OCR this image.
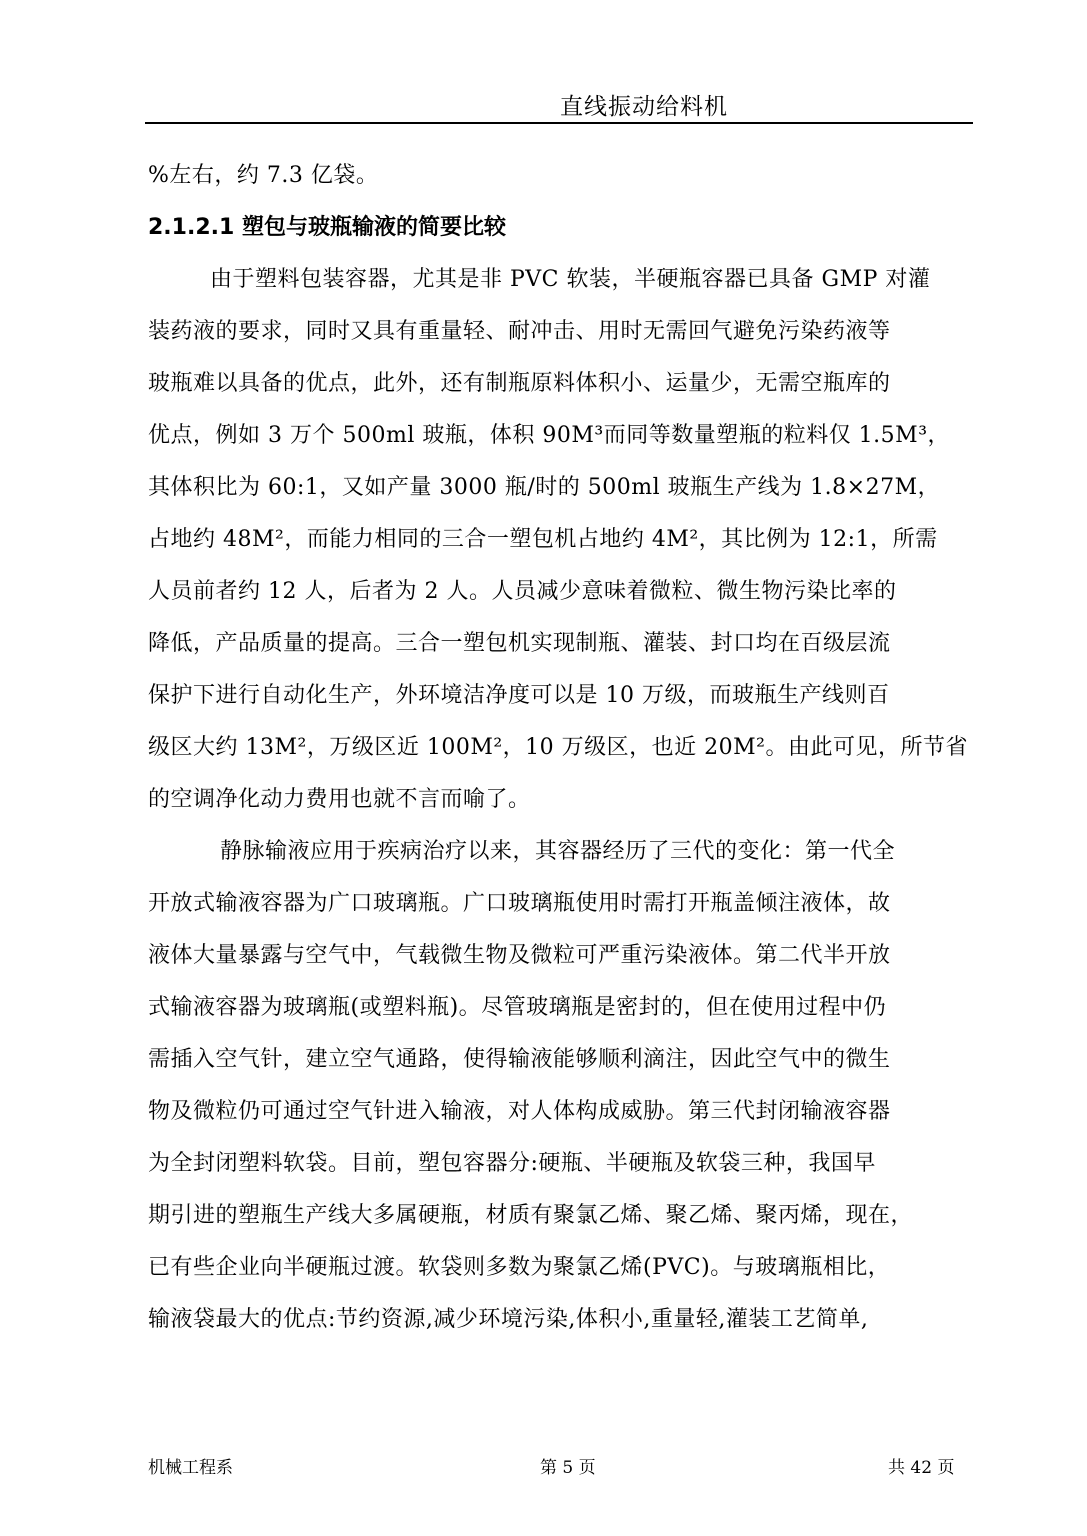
直线振动给料机
%左右，约 7.3 亿袋。
2.1.2.1 塑包与玻瓶输液的简要比较
由于塑料包装容器，尤其是非 PVC 软装，半硬瓶容器已具备 GMP 对灌
装药液的要求，同时又具有重量轻、耐冲击、用时无需回气避免污染药液等
玻瓶难以具备的优点，此外，还有制瓶原料体积小、运量少，无需空瓶库的
优点，例如 3 万个 500ml 玻瓶，体积 90M³而同等数量塑瓶的粒料仅 1.5M³，
其体积比为 60:1，又如产量 3000 瓶/时的 500ml 玻瓶生产线为 1.8×27M，
占地约 48M²，而能力相同的三合一塑包机占地约 4M²，其比例为 12:1，所需
人员前者约 12 人，后者为 2 人。人员减少意味着微粒、微生物污染比率的
降低，产品质量的提高。三合一塑包机实现制瓶、灌装、封口均在百级层流
保护下进行自动化生产，外环境洁净度可以是 10 万级，而玻瓶生产线则百
级区大约 13M²，万级区近 100M²，10 万级区，也近 20M²。由此可见，所节省
的空调净化动力费用也就不言而喻了。
静脉输液应用于疾病治疗以来，其容器经历了三代的变化：第一代全
开放式输液容器为广口玻璃瓶。广口玻璃瓶使用时需打开瓶盖倾注液体，故
液体大量暴露与空气中，气载微生物及微粒可严重污染液体。第二代半开放
式输液容器为玻璃瓶(或塑料瓶)。尽管玻璃瓶是密封的，但在使用过程中仍
需插入空气针，建立空气通路，使得输液能够顺利滴注，因此空气中的微生
物及微粒仍可通过空气针进入输液，对人体构成威胁。第三代封闭输液容器
为全封闭塑料软袋。目前，塑包容器分:硬瓶、半硬瓶及软袋三种，我国早
期引进的塑瓶生产线大多属硬瓶，材质有聚氯乙烯、聚乙烯、聚丙烯，现在，
已有些企业向半硬瓶过渡。软袋则多数为聚氯乙烯(PVC)。与玻璃瓶相比，
输液袋最大的优点:节约资源,减少环境污染,体积小,重量轻,灌装工艺简单,
机械工程系	第 5 页	共 42 页
